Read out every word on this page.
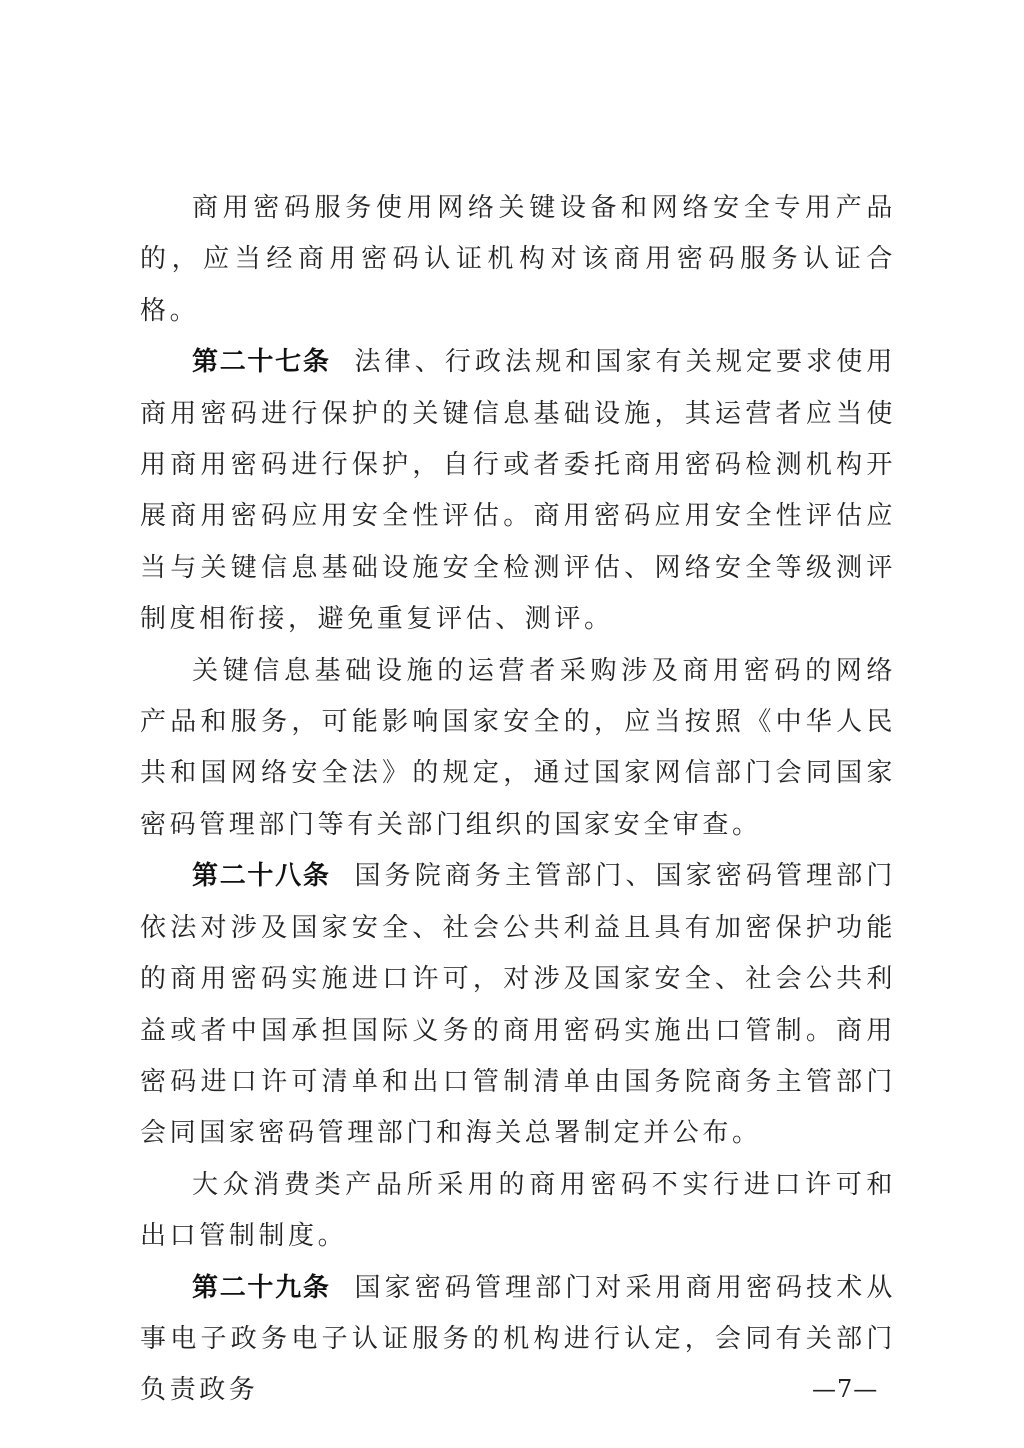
商用密码服务使用网络关键设备和网络安全专用产品的，应当经商用密码认证机构对该商用密码服务认证合格。

第二十七条 法律、行政法规和国家有关规定要求使用商用密码进行保护的关键信息基础设施，其运营者应当使用商用密码进行保护，自行或者委托商用密码检测机构开展商用密码应用安全性评估。商用密码应用安全性评估应当与关键信息基础设施安全检测评估、网络安全等级测评制度相衔接，避免重复评估、测评。

关键信息基础设施的运营者采购涉及商用密码的网络产品和服务，可能影响国家安全的，应当按照《中华人民共和国网络安全法》的规定，通过国家网信部门会同国家密码管理部门等有关部门组织的国家安全审查。

第二十八条 国务院商务主管部门、国家密码管理部门依法对涉及国家安全、社会公共利益且具有加密保护功能的商用密码实施进口许可，对涉及国家安全、社会公共利益或者中国承担国际义务的商用密码实施出口管制。商用密码进口许可清单和出口管制清单由国务院商务主管部门会同国家密码管理部门和海关总署制定并公布。

大众消费类产品所采用的商用密码不实行进口许可和出口管制制度。

第二十九条 国家密码管理部门对采用商用密码技术从事电子政务电子认证服务的机构进行认定，会同有关部门负责政务	—7—
